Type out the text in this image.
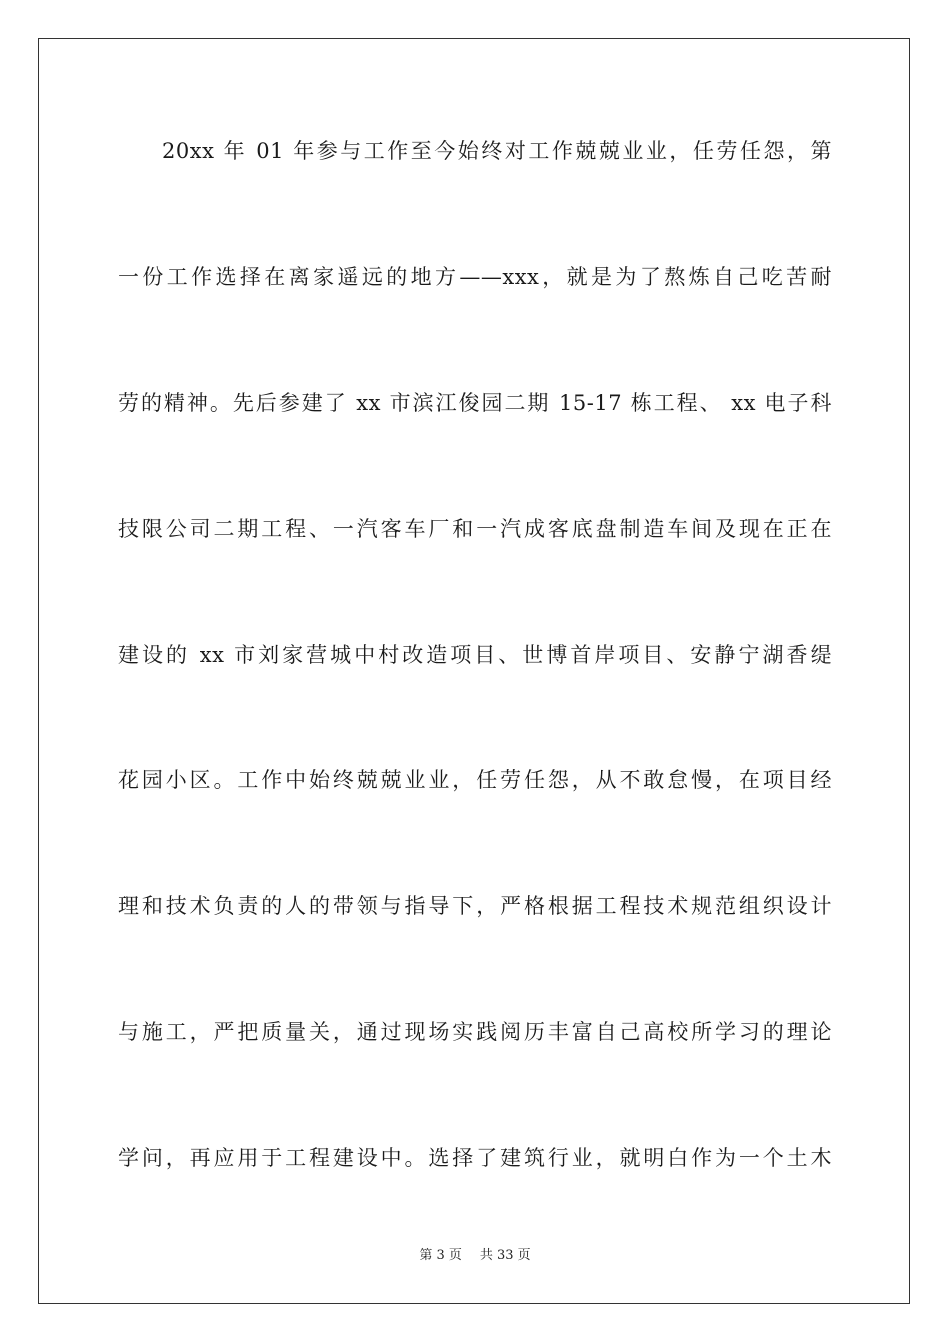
20xx 年 01 年参与工作至今始终对工作兢兢业业，任劳任怨，第
一份工作选择在离家遥远的地方——xxx，就是为了熬炼自己吃苦耐
劳的精神。先后参建了 xx 市滨江俊园二期 15-17 栋工程、 xx 电子科
技限公司二期工程、一汽客车厂和一汽成客底盘制造车间及现在正在
建设的 xx 市刘家营城中村改造项目、世博首岸项目、安静宁湖香缇
花园小区。工作中始终兢兢业业，任劳任怨，从不敢怠慢，在项目经
理和技术负责的人的带领与指导下，严格根据工程技术规范组织设计
与施工，严把质量关，通过现场实践阅历丰富自己高校所学习的理论
学问，再应用于工程建设中。选择了建筑行业，就明白作为一个土木
第 3 页 共 33 页
